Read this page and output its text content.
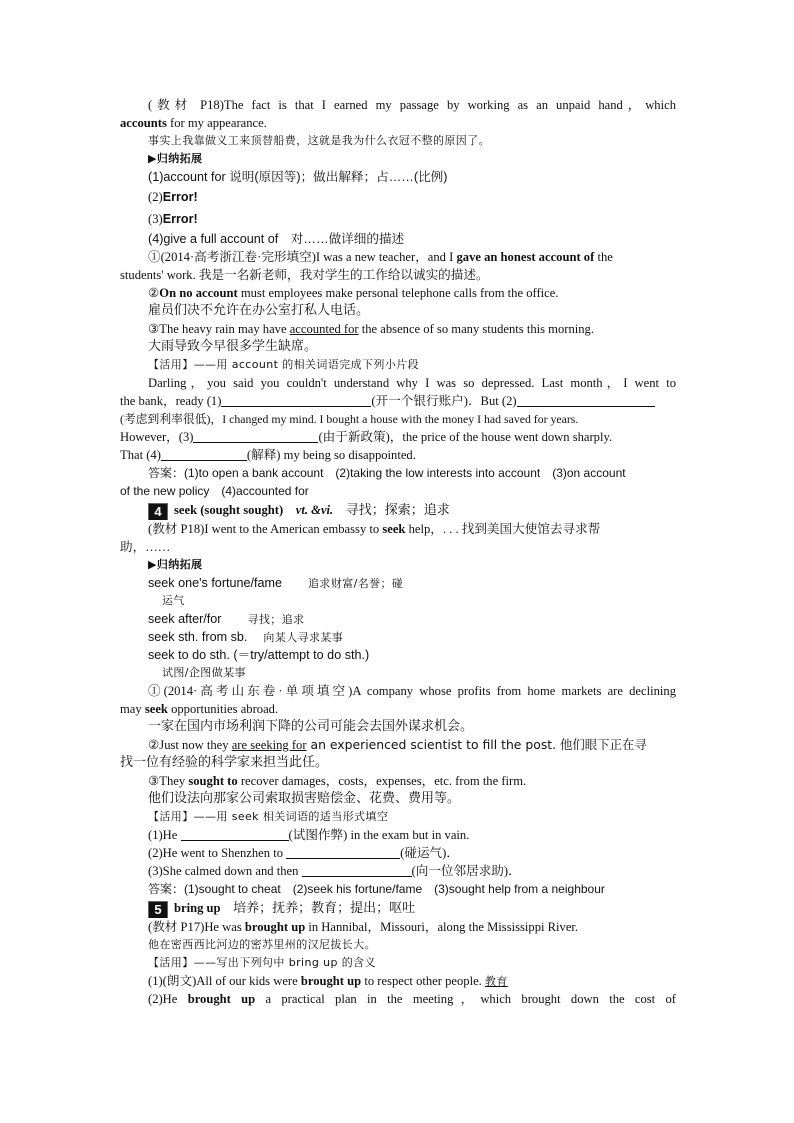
(教材 P18)The fact is that I earned my passage by working as an unpaid hand，which
accounts for my appearance.
事实上我靠做义工来顶替船费，这就是我为什么衣冠不整的原因了。
▶归纳拓展
(1)account for 说明(原因等)；做出解释；占……(比例)
(2)Error!
(3)Error!
(4)give a full account of　对……做详细的描述
①(2014·高考浙江卷·完形填空)I was a new teacher，and I gave an honest account of the
students' work. 我是一名新老师，我对学生的工作给以诚实的描述。
②On no account must employees make personal telephone calls from the office.
雇员们决不允许在办公室打私人电话。
③The heavy rain may have accounted for the absence of so many students this morning.
大雨导致今早很多学生缺席。
【活用】——用 account 的相关词语完成下列小片段
Darling，you said you couldn't understand why I was so depressed. Last month，I went to
the bank，ready (1)	(开一个银行账户)．But (2)
(考虑到利率很低)，I changed my mind. I bought a house with the money I had saved for years.
However，(3)	(由于新政策)，the price of the house went down sharply.
That (4)	(解释) my being so disappointed.
答案：(1)to open a bank account　(2)taking the low interests into account　(3)on account
of the new policy　(4)accounted for
4 seek (sought sought)　 vt. &vi.　 寻找；探索；追求
(教材 P18)I went to the American embassy to seek help，. . . 找到美国大使馆去寻求帮
助，……
▶归纳拓展
seek one's fortune/fame 追求财富/名誉；碰
运气
seek after/for 寻找；追求
seek sth. from sb. 向某人寻求某事
seek to do sth. (＝try/attempt to do sth.)
试图/企图做某事
①(2014·高考山东卷·单项填空)A company whose profits from home markets are declining
may seek opportunities abroad.
一家在国内市场利润下降的公司可能会去国外谋求机会。
②Just now they are seeking for an experienced scientist to fill the post. 他们眼下正在寻
找一位有经验的科学家来担当此任。
③They sought to recover damages，costs，expenses，etc. from the firm.
他们设法向那家公司索取损害赔偿金、花费、费用等。
【活用】——用 seek 相关词语的适当形式填空
(1)He	(试图作弊) in the exam but in vain.
(2)He went to Shenzhen to	(碰运气)．
(3)She calmed down and then	(向一位邻居求助)．
答案：(1)sought to cheat　(2)seek his fortune/fame　(3)sought help from a neighbour
5 bring up　 培养；抚养；教育；提出；呕吐
(教材 P17)He was brought up in Hannibal，Missouri，along the Mississippi River.
他在密西西比河边的密苏里州的汉尼拔长大。
【活用】——写出下列句中 bring up 的含义
(1)(朗文)All of our kids were brought up to respect other people. 教育
(2)He brought up a practical plan in the meeting，which brought down the cost of
